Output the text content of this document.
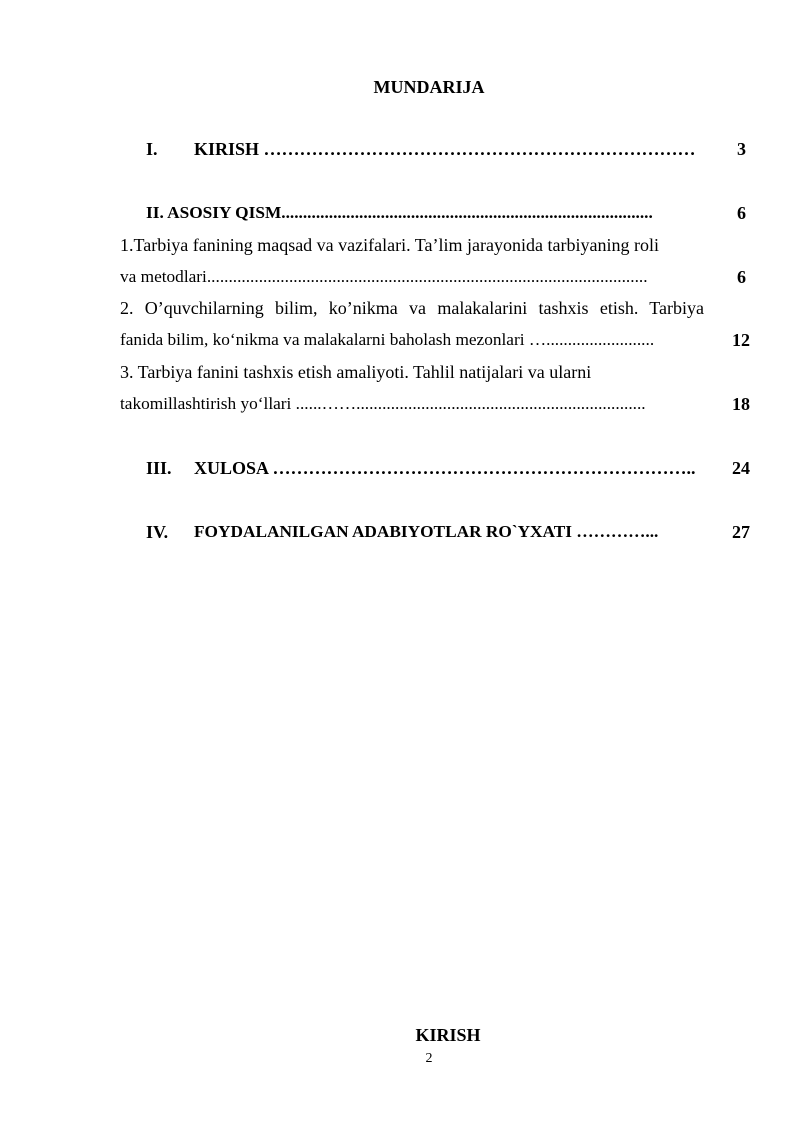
MUNDARIJA
I. KIRISH ………………………………………………………………	3
II. ASOSIY QISM......................................................................................	6
1.Tarbiya fanining maqsad va vazifalari. Ta’lim jarayonida tarbiyaning roli
va metodlari......................................................................................................	6
2. O’quvchilarning bilim, ko’nikma va malakalarini tashxis etish. Tarbiya
fanida bilim, ko‘nikma va malakalarni baholash mezonlari ….........................	12
3. Tarbiya fanini tashxis etish amaliyoti. Tahlil natijalari va ularni
takomillashtirish yo‘llari ......……...................................................................	18
III. XULOSA ……………………………………………………………..	24
IV. FOYDALANILGAN ADABIYOTLAR RO`YXATI …………...	27
KIRISH
2
